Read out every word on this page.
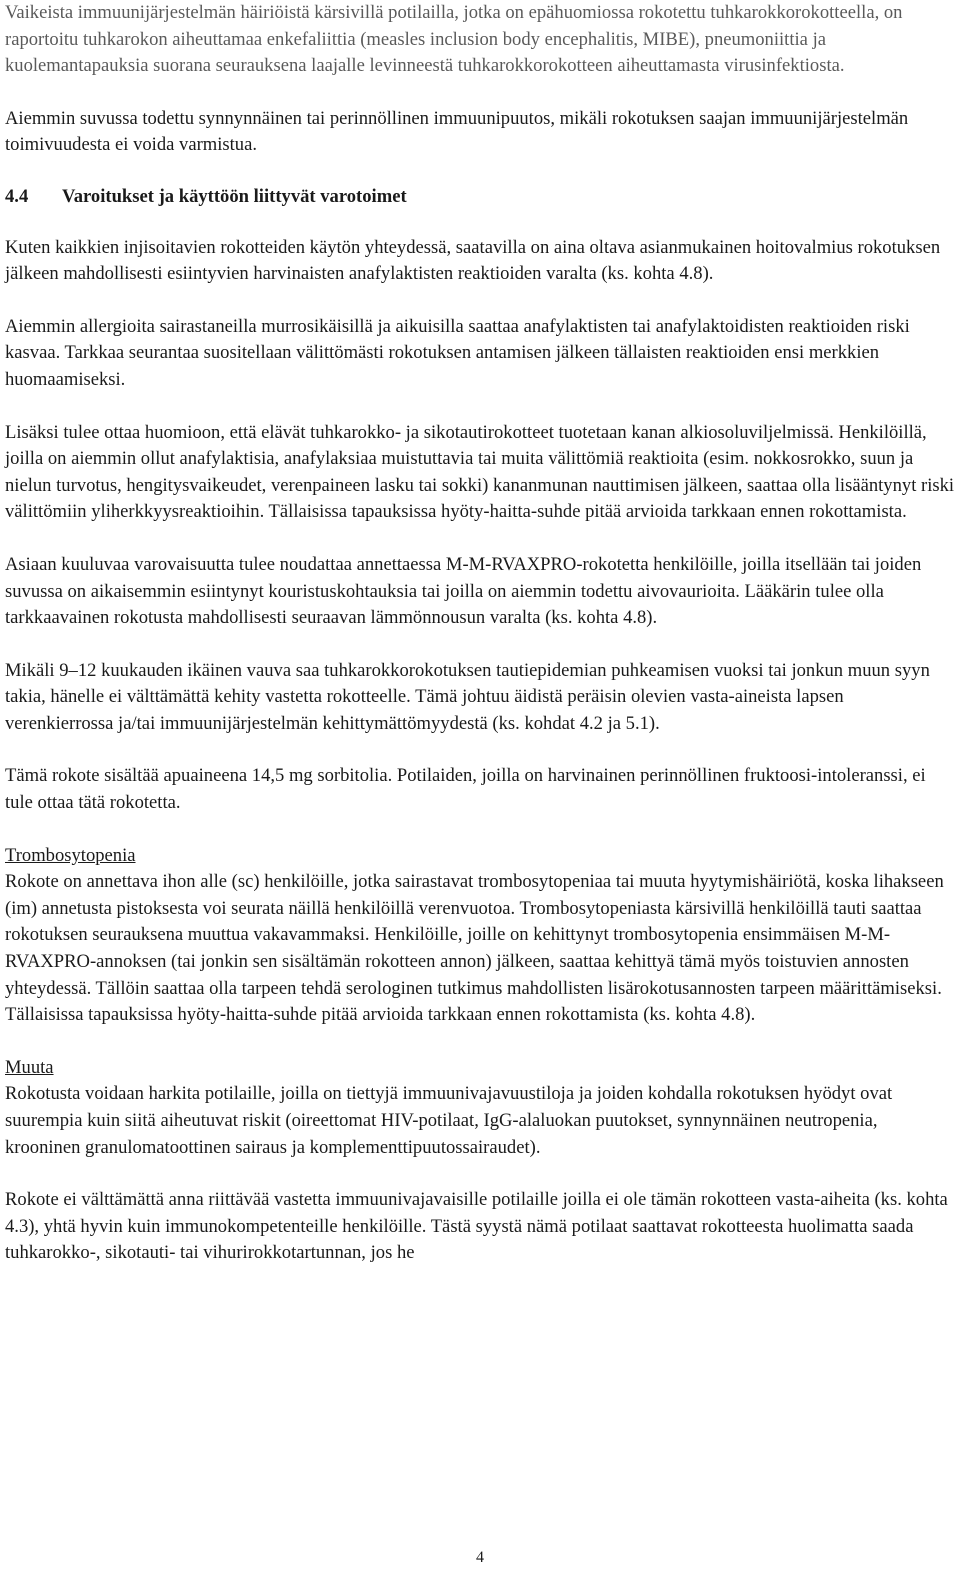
Vaikeista immuunijärjestelmän häiriöistä kärsivillä potilailla, jotka on epähuomiossa rokotettu tuhkarokkorokotteella, on raportoitu tuhkarokon aiheuttamaa enkefaliittia (measles inclusion body encephalitis, MIBE), pneumoniittia ja kuolemantapauksia suorana seurauksena laajalle levinneestä tuhkarokkorokotteen aiheuttamasta virusinfektiosta.

Aiemmin suvussa todettu synnynnäinen tai perinnöllinen immuunipuutos, mikäli rokotuksen saajan immuunijärjestelmän toimivuudesta ei voida varmistua.

4.4 Varoitukset ja käyttöön liittyvät varotoimet

Kuten kaikkien injisoitavien rokotteiden käytön yhteydessä, saatavilla on aina oltava asianmukainen hoitovalmius rokotuksen jälkeen mahdollisesti esiintyvien harvinaisten anafylaktisten reaktioiden varalta (ks. kohta 4.8).

Aiemmin allergioita sairastaneilla murrosikäisillä ja aikuisilla saattaa anafylaktisten tai anafylaktoidisten reaktioiden riski kasvaa. Tarkkaa seurantaa suositellaan välittömästi rokotuksen antamisen jälkeen tällaisten reaktioiden ensi merkkien huomaamiseksi.

Lisäksi tulee ottaa huomioon, että elävät tuhkarokko- ja sikotautirokotteet tuotetaan kanan alkiosoluviljelmissä. Henkilöillä, joilla on aiemmin ollut anafylaktisia, anafylaksiaa muistuttavia tai muita välittömiä reaktioita (esim. nokkosrokko, suun ja nielun turvotus, hengitysvaikeudet, verenpaineen lasku tai sokki) kananmunan nauttimisen jälkeen, saattaa olla lisääntynyt riski välittömiin yliherkkyysreaktioihin. Tällaisissa tapauksissa hyöty-haitta-suhde pitää arvioida tarkkaan ennen rokottamista.

Asiaan kuuluvaa varovaisuutta tulee noudattaa annettaessa M-M-RVAXPRO-rokotetta henkilöille, joilla itsellään tai joiden suvussa on aikaisemmin esiintynyt kouristuskohtauksia tai joilla on aiemmin todettu aivovaurioita. Lääkärin tulee olla tarkkaavainen rokotusta mahdollisesti seuraavan lämmönnousun varalta (ks. kohta 4.8).

Mikäli 9–12 kuukauden ikäinen vauva saa tuhkarokkorokotuksen tautiepidemian puhkeamisen vuoksi tai jonkun muun syyn takia, hänelle ei välttämättä kehity vastetta rokotteelle. Tämä johtuu äidistä peräisin olevien vasta-aineista lapsen verenkierrossa ja/tai immuunijärjestelmän kehittymättömyydestä (ks. kohdat 4.2 ja 5.1).

Tämä rokote sisältää apuaineena 14,5 mg sorbitolia. Potilaiden, joilla on harvinainen perinnöllinen fruktoosi-intoleranssi, ei tule ottaa tätä rokotetta.

Trombosytopenia

Rokote on annettava ihon alle (sc) henkilöille, jotka sairastavat trombosytopeniaa tai muuta hyytymishäiriötä, koska lihakseen (im) annetusta pistoksesta voi seurata näillä henkilöillä verenvuotoa. Trombosytopeniasta kärsivillä henkilöillä tauti saattaa rokotuksen seurauksena muuttua vakavammaksi. Henkilöille, joille on kehittynyt trombosytopenia ensimmäisen M-M-RVAXPRO-annoksen (tai jonkin sen sisältämän rokotteen annon) jälkeen, saattaa kehittyä tämä myös toistuvien annosten yhteydessä. Tällöin saattaa olla tarpeen tehdä serologinen tutkimus mahdollisten lisärokotusannosten tarpeen määrittämiseksi. Tällaisissa tapauksissa hyöty-haitta-suhde pitää arvioida tarkkaan ennen rokottamista (ks. kohta 4.8).

Muuta

Rokotusta voidaan harkita potilaille, joilla on tiettyjä immuunivajavuustiloja ja joiden kohdalla rokotuksen hyödyt ovat suurempia kuin siitä aiheutuvat riskit (oireettomat HIV-potilaat, IgG-alaluokan puutokset, synnynnäinen neutropenia, krooninen granulomatoottinen sairaus ja komplementtipuutossairaudet).

Rokote ei välttämättä anna riittävää vastetta immuunivajavaisille potilaille joilla ei ole tämän rokotteen vasta-aiheita (ks. kohta 4.3), yhtä hyvin kuin immunokompetenteille henkilöille. Tästä syystä nämä potilaat saattavat rokotteesta huolimatta saada tuhkarokko-, sikotauti- tai vihurirokkotartunnan, jos he

4
